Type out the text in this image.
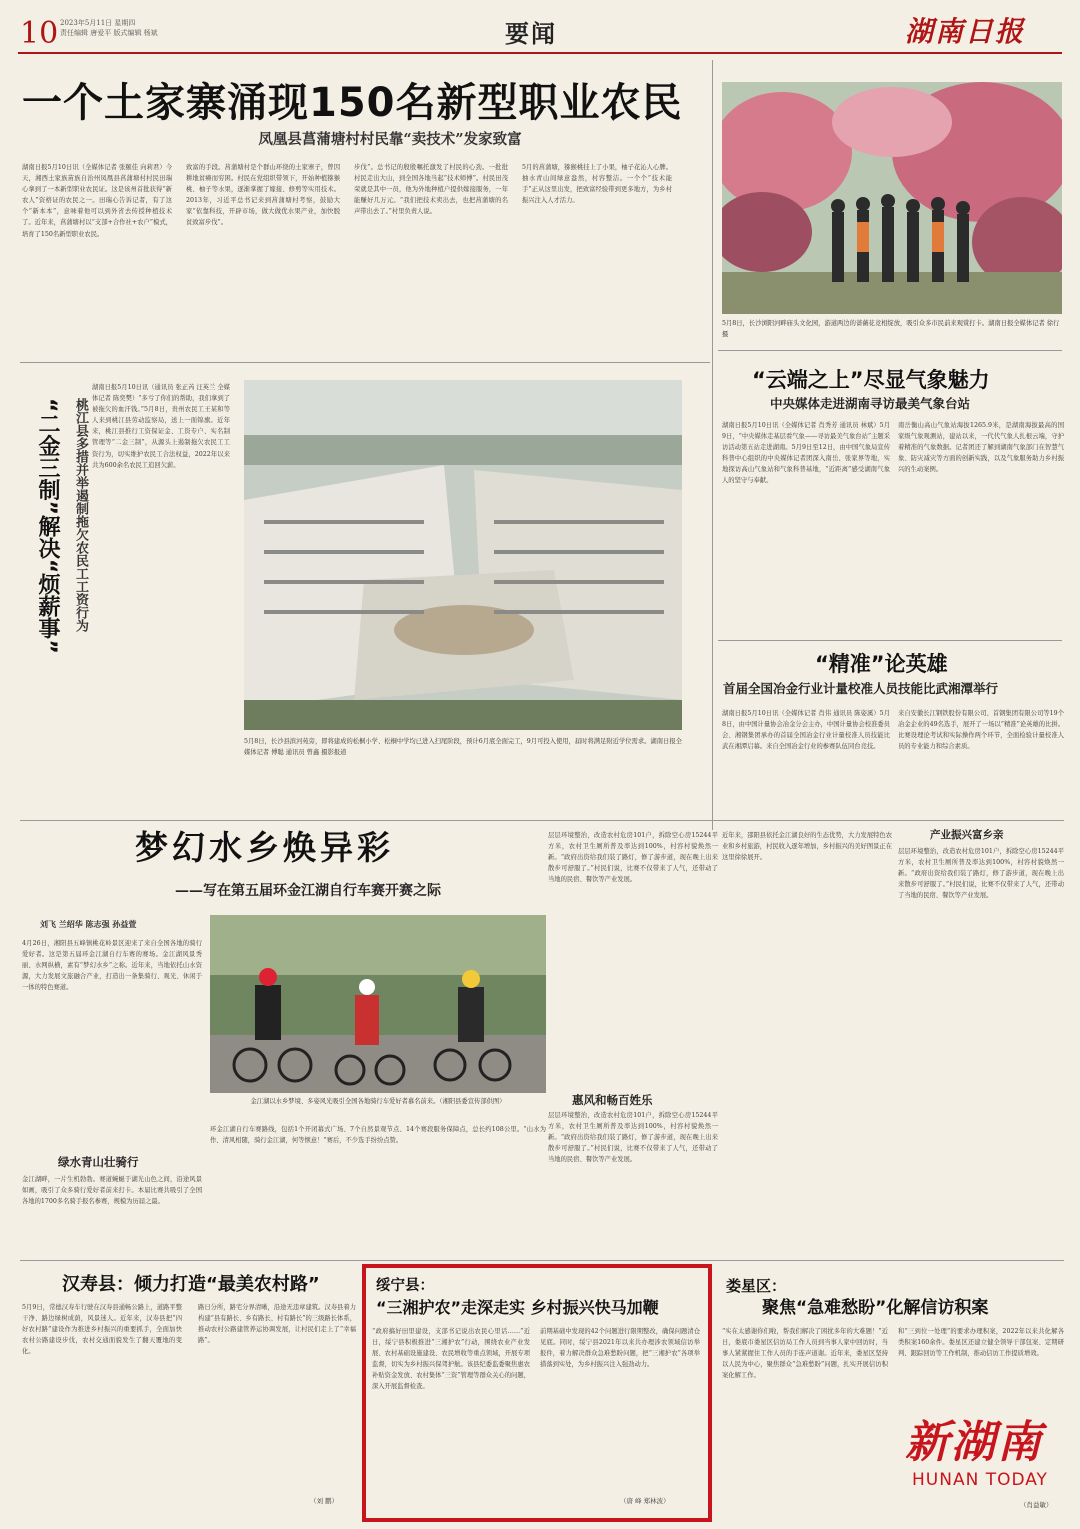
10 2023年5月11日 星期四
责任编辑 唐爱平 版式编辑 杨斌	要闻	湖南日报
一个土家寨涌现150名新型职业农民
凤凰县菖蒲塘村村民靠“卖技术”发家致富
湖南日报5月10日讯（全媒体记者 张颐佳 向莉君）今天，湘西土家族苗族自治州凤凰县菖蒲塘村村民田瑞心拿到了一本新型职业农民证。这是该州首批获得“新农人”资格证的农民之一。田瑞心告诉记者，有了这个“新本本”，意味着他可以到外省去传授种植技术了。近年来，菖蒲塘村以“支部+合作社+农户”模式，培育了150名新型职业农民。
致富的手段。菖蒲塘村是个群山环绕的土家寨子，曾因耕地贫瘠而穷困。村民在党组织带领下，开始种植猕猴桃、柚子等水果，逐渐掌握了嫁接、修剪等实用技术。2013年，习近平总书记来到菖蒲塘村考察，鼓励大家“依靠科技，开辟市场，做大做优水果产业，加快脱贫致富步伐”。
步伐”。总书记的殷殷嘱托激发了村民的心劲。一批批村民走出大山，到全国各地当起“技术师傅”。村民田茂荣就是其中一员，他为外地种植户提供嫁接服务，一年能赚好几万元。“我们把技术卖出去，也把菖蒲塘的名声带出去了。”村里负责人说。
5月的菖蒲塘，猕猴桃挂上了小果，柚子花沁人心脾。抽水青山间绿意盎然，村容整洁。一个个“技术能手”正从这里出发，把致富经验带到更多地方，为乡村振兴注入人才活力。
5月8日，长沙浏阳河畔庙头文化园，游道两边的蔷薇花竞相绽放，吸引众多市民前来观赏打卡。湖南日报全媒体记者 徐行 摄
“云端之上”尽显气象魅力
中央媒体走进湖南寻访最美气象台站
湖南日报5月10日讯（全媒体记者 肖秀芳 通讯员 林斌）5月9日，“中央媒体走基层看气象——寻访最美气象台站”主题采访活动第五站走进湖南。5月9日至12日，由中国气象局宣传科普中心组织的中央媒体记者团深入南岳、张家界等地，实地探访高山气象站和气象科普基地，“近距离”感受湖南气象人的坚守与奉献。
南岳衡山高山气象站海拔1265.9米，是湖南海拔最高的国家级气象观测站，建站以来，一代代气象人扎根云端，守护着精准的气象数据。记者团还了解到湖南气象部门在智慧气象、防灾减灾等方面的创新实践，以及气象服务助力乡村振兴的生动案例。
“精准”论英雄
首届全国冶金行业计量校准人员技能比武湘潭举行
湖南日报5月10日讯（全媒体记者 肖伟 通讯员 陈姿溪）5月8日，由中国计量协会冶金分会主办，中国计量协会校准委员会、湘钢集团承办的首届全国冶金行业计量校准人员技能比武在湘潭启幕。来自全国冶金行业的参赛队伍同台竞技。
来自安徽长江钢铁股份有限公司、首钢集团有限公司等19个冶金企业的49名选手，展开了一场以“精准”论英雄的比拼。比赛设理论考试和实际操作两个环节，全面检验计量校准人员的专业能力和综合素质。
“二金三制”解决“烦薪事”	桃江县多措并举遏制拖欠农民工工资行为
湖南日报5月10日讯（通讯员 张正芮 汪英兰 全媒体记者 陈奕樊）“多亏了你们的帮助，我们拿到了被拖欠的血汗钱。”5月8日，贵州农民工王某和等人来到桃江县劳动监察局，送上一面锦旗。近年来，桃江县推行工资保证金、工资专户、实名制管理等“二金三制”，从源头上遏制拖欠农民工工资行为，切实维护农民工合法权益，2022年以来共为600余名农民工追回欠薪。
5月8日，长沙县滨河苑旁，即将建成的松桐小学、松桐中学均已进入扫尾阶段，预计6月底全面完工，9月可投入使用，届时将满足附近学位需求。湖南日报全媒体记者 傅聪 通讯员 曾鑫 摄影报道
梦幻水乡焕异彩
——写在第五届环金江湖自行车赛开赛之际
刘飞 兰绍华 陈志强 孙益萱
4月26日，湘阳县五峰镇桃花岭景区迎来了来自全国各地的骑行爱好者。这是第五届环金江湖自行车赛的赛场。金江湖风景秀丽、水网纵横，素有“梦幻水乡”之称。近年来，当地依托山水资源，大力发展文旅融合产业，打造出一条集骑行、观光、休闲于一体的特色赛道。
绿水青山壮骑行
金江湖畔，一片生机勃勃。赛道蜿蜒于湖光山色之间，沿途风景如画，吸引了众多骑行爱好者前来打卡。本届比赛共吸引了全国各地的1700多名骑手报名参赛，规模为历届之最。
金江湖以水乡梦境、多姿风光吸引全国各地骑行车爱好者慕名前来。（湘阳县委宣传部供图）
环金江湖自行车赛路线，包括1个开闭幕式广场、7个自然景观节点、14个赛段服务保障点，总长约108公里。“山水为作、清风相随，骑行金江湖，何等惬意！”赛后，不少选手纷纷点赞。
惠风和畅百姓乐
层层环境整治，改造农村危房101户，拆除空心房15244平方米，农村卫生厕所普及率达到100%，村容村貌焕然一新。“政府出资给我们装了路灯，修了游步道，现在晚上出来散步可舒服了。”村民们说，比赛不仅带来了人气，还带动了当地的民宿、餐饮等产业发展。
层层环境整治，改造农村危房101户，拆除空心房15244平方米，农村卫生厕所普及率达到100%，村容村貌焕然一新。“政府出资给我们装了路灯，修了游步道，现在晚上出来散步可舒服了。”村民们说，比赛不仅带来了人气，还带动了当地的民宿、餐饮等产业发展。
产业振兴富乡亲
近年来，邵阳县依托金江湖良好的生态优势，大力发展特色农业和乡村旅游，村民收入逐年增加，乡村振兴的美好图景正在这里徐徐展开。
层层环境整治，改造农村危房101户，拆除空心房15244平方米，农村卫生厕所普及率达到100%，村容村貌焕然一新。“政府出资给我们装了路灯，修了游步道，现在晚上出来散步可舒服了。”村民们说，比赛不仅带来了人气，还带动了当地的民宿、餐饮等产业发展。
汉寿县：倾力打造“最美农村路”
5月9日，常德汉寿车行驶在汉寿县通畅公路上，道路平整干净、路边绿树成荫，风景迷人。近年来，汉寿县把“四好农村路”建设作为推进乡村振兴的重要抓手，全面加快农村公路建设步伐，农村交通面貌发生了翻天覆地的变化。
路日分所，路宅分界清晰，沿途无违章建筑。汉寿县着力构建“县有路长、乡有路长、村有路长”的三级路长体系，推动农村公路建管养运协调发展，让村民们走上了“幸福路”。
（刘 鹏）
绥宁县：
“三湘护农”走深走实 乡村振兴快马加鞭
“政府搞好田里建设，支部书记说出农民心里话……”近日，绥宁县积极推进“三湘护农”行动，围绕农业产业发展、农村基础设施建设、农民增收等重点领域，开展专项监督，切实为乡村振兴保驾护航。该县纪委监委聚焦惠农补贴资金发放、农村集体“三资”管理等群众关心的问题，深入开展监督检查。
前期基础中发现的42个问题进行限期整改，确保问题清仓见底。同时，绥宁县2021年以来共办理涉农领域信访举报件，着力解决群众急难愁盼问题，把“三湘护农”各项举措落到实处，为乡村振兴注入强劲动力。
（唐 峰 郑林波）
娄星区：
聚焦“急难愁盼”化解信访积案
“实在太感谢你们啦，帮我们解决了困扰多年的大难题！”近日，娄底市娄星区信访局工作人员到当事人家中回访时，当事人紧紧握住工作人员的手连声道谢。近年来，娄星区坚持以人民为中心，聚焦群众“急难愁盼”问题，扎实开展信访积案化解工作。
和“三到位一处理”的要求办理积案，2022年以来共化解各类积案160余件。娄星区还建立健全领导干部包案、定期研判、跟踪回访等工作机制，推动信访工作提质增效。
（肖益敏）
新湖南
HUNAN TODAY
